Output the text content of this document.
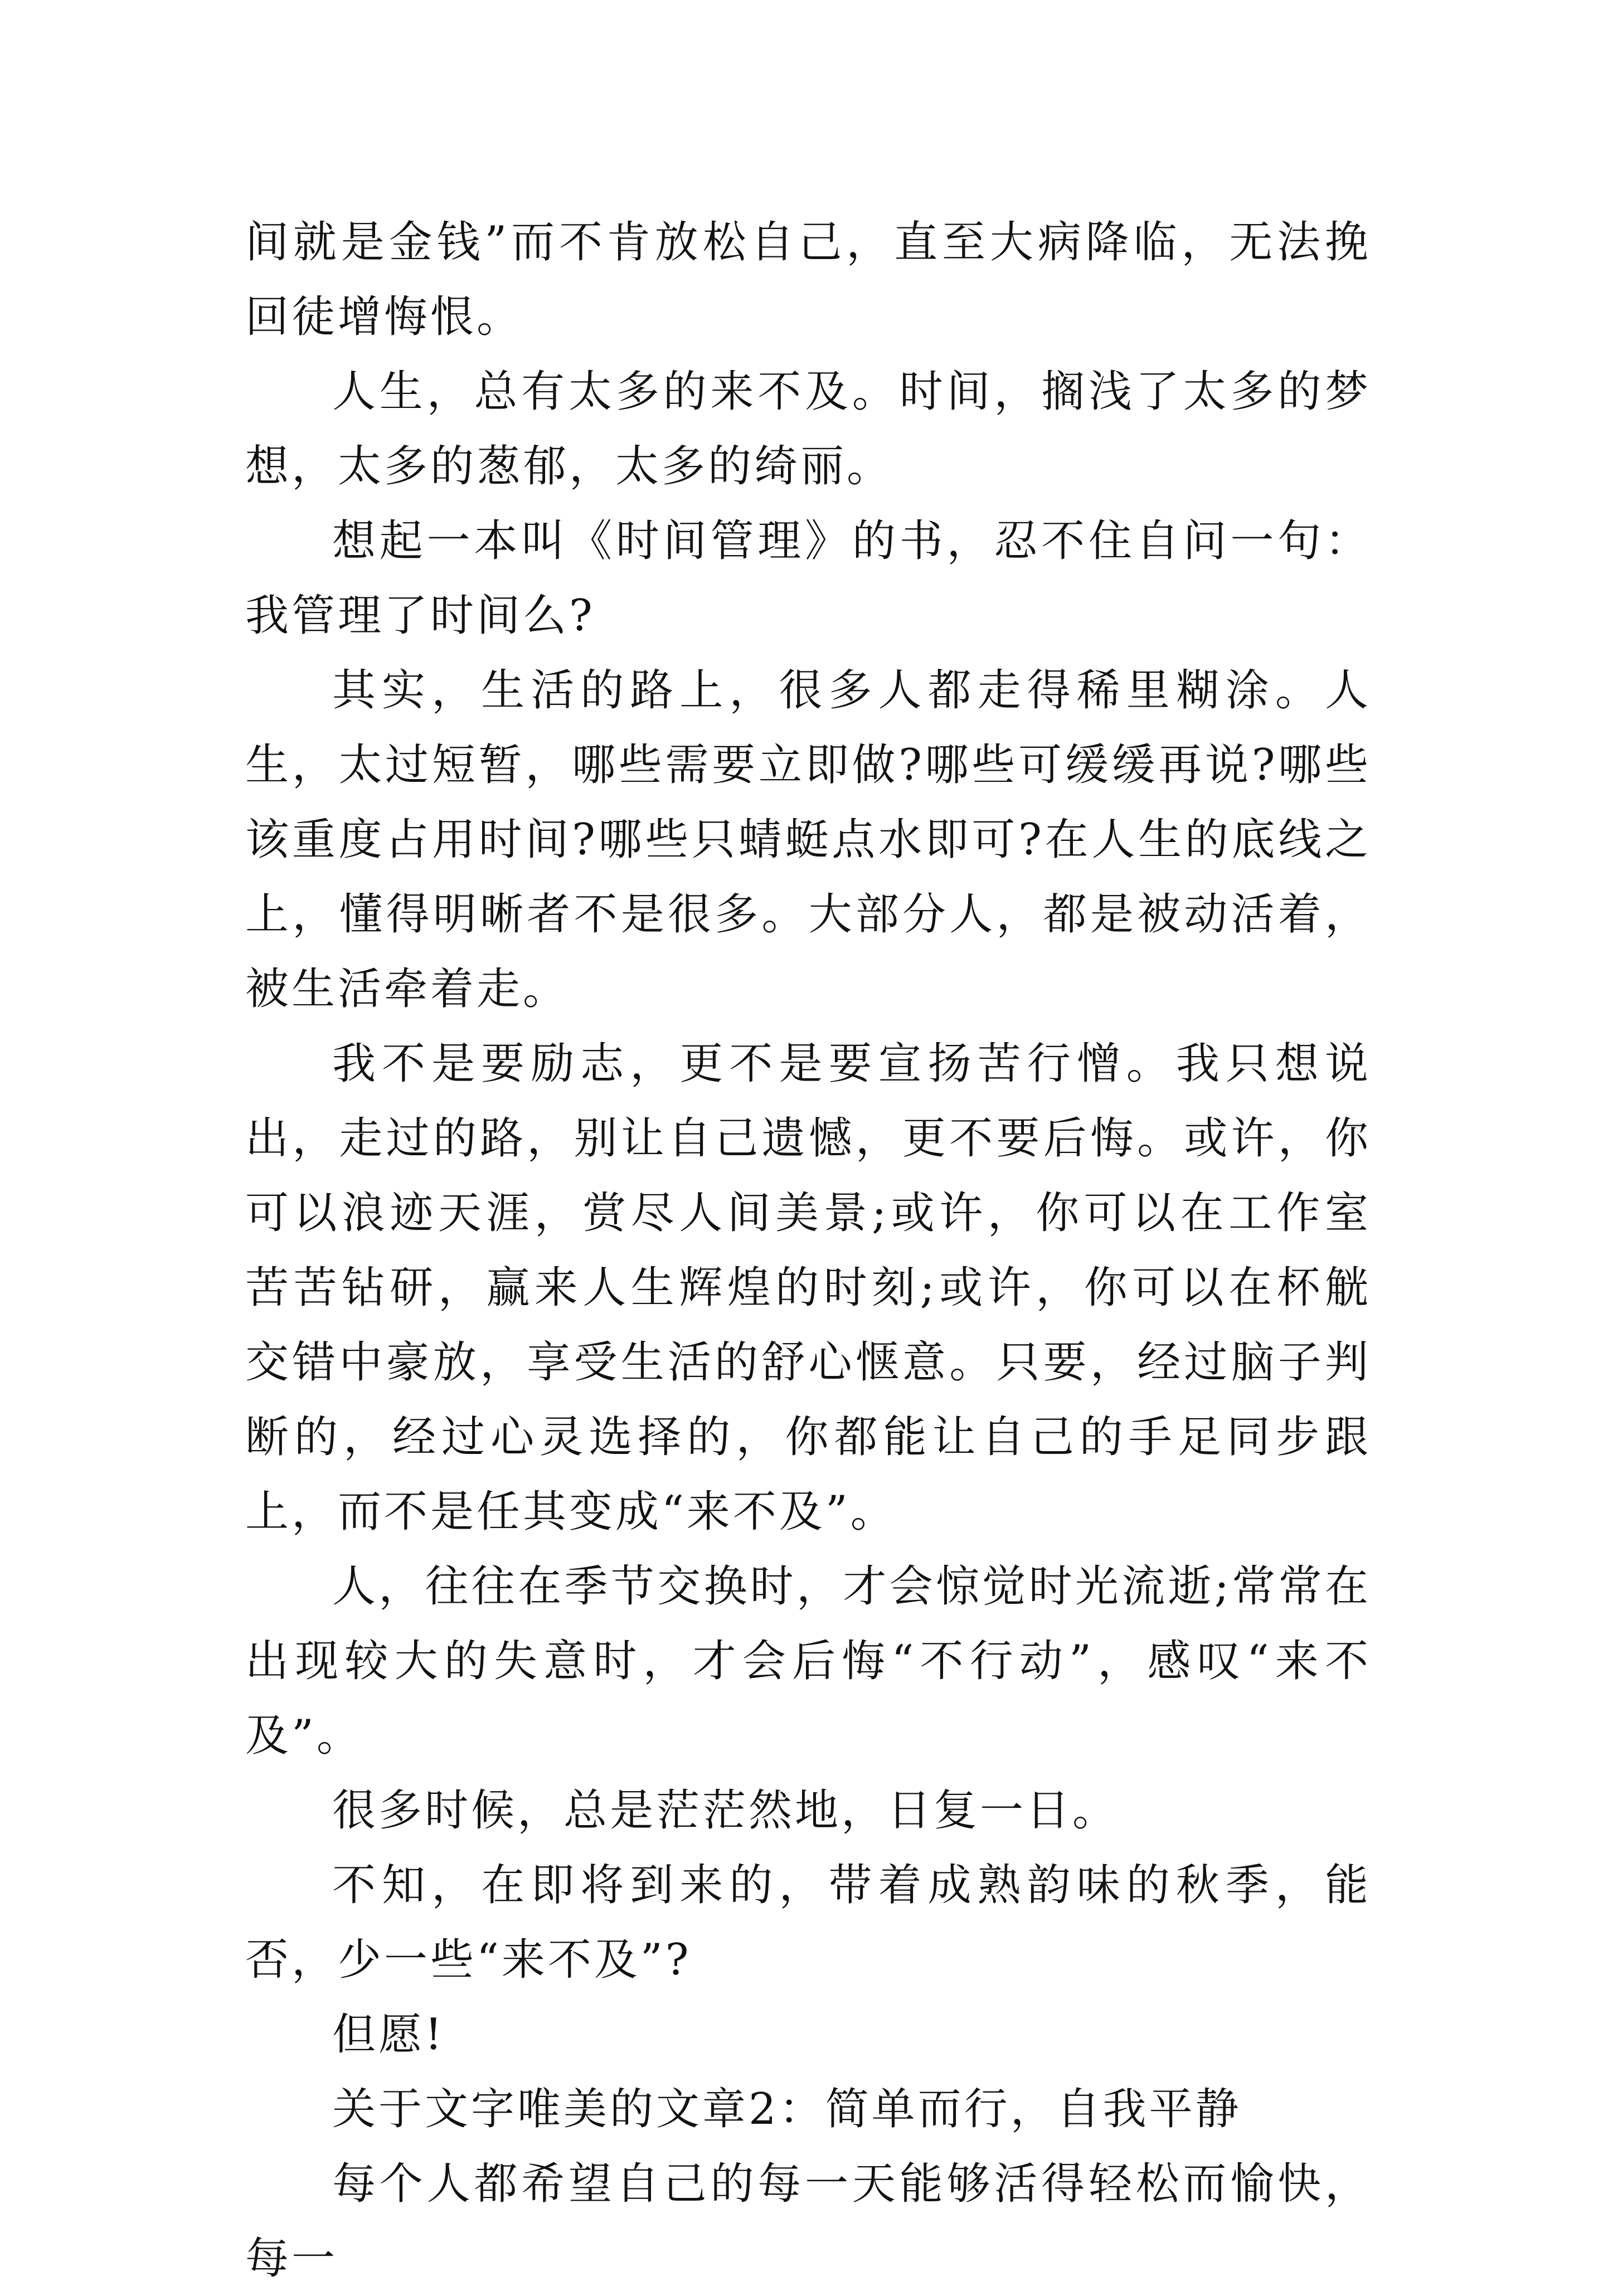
间就是金钱”而不肯放松自己，直至大病降临，无法挽回徒增悔恨。

人生，总有太多的来不及。时间，搁浅了太多的梦想，太多的葱郁，太多的绮丽。

想起一本叫《时间管理》的书，忍不住自问一句：我管理了时间么?

其实，生活的路上，很多人都走得稀里糊涂。人生，太过短暂，哪些需要立即做?哪些可缓缓再说?哪些该重度占用时间?哪些只蜻蜓点水即可?在人生的底线之上，懂得明晰者不是很多。大部分人，都是被动活着，被生活牵着走。

我不是要励志，更不是要宣扬苦行憎。我只想说出，走过的路，别让自己遗憾，更不要后悔。或许，你可以浪迹天涯，赏尽人间美景;或许，你可以在工作室苦苦钻研，赢来人生辉煌的时刻;或许，你可以在杯觥交错中豪放，享受生活的舒心惬意。只要，经过脑子判断的，经过心灵选择的，你都能让自己的手足同步跟上，而不是任其变成“来不及”。

人，往往在季节交换时，才会惊觉时光流逝;常常在出现较大的失意时，才会后悔“不行动”，感叹“来不及”。

很多时候，总是茫茫然地，日复一日。

不知，在即将到来的，带着成熟韵味的秋季，能否，少一些“来不及”?

但愿!

关于文字唯美的文章2：简单而行，自我平静

每个人都希望自己的每一天能够活得轻松而愉快，每一
